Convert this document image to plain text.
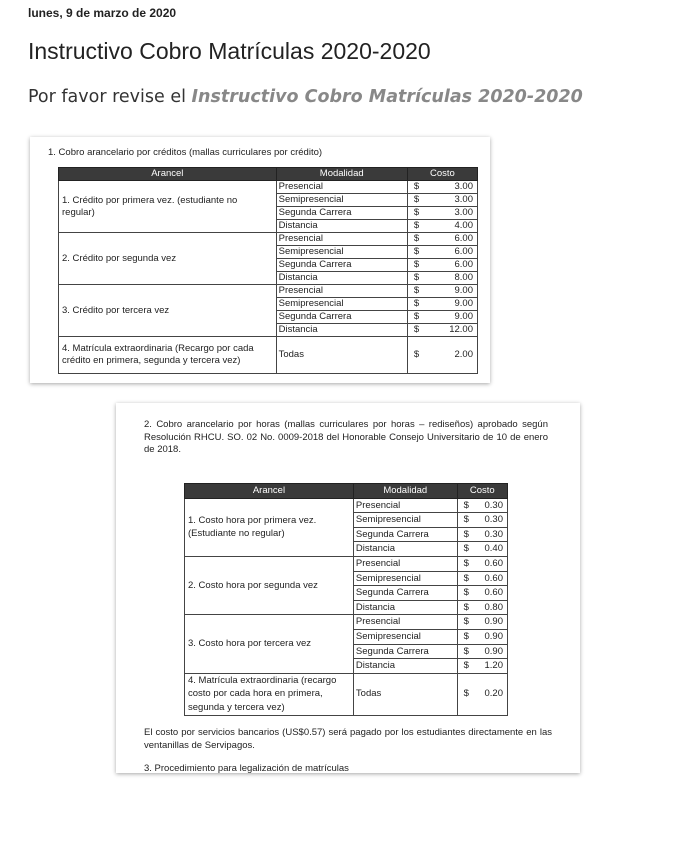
lunes, 9 de marzo de 2020
Instructivo Cobro Matrículas 2020-2020

Por favor revise el Instructivo Cobro Matrículas 2020-2020

1. Cobro arancelario por créditos (mallas curriculares por crédito)
Arancel	Modalidad	Costo
1. Crédito por primera vez. (estudiante no regular)	Presencial	$ 3.00

	Semipresencial	$ 3.00

	Segunda Carrera	$ 3.00

	Distancia	$ 4.00

2. Crédito por segunda vez	Presencial	$ 6.00

	Semipresencial	$ 6.00

	Segunda Carrera	$ 6.00

	Distancia	$ 8.00

3. Crédito por tercera vez	Presencial	$ 9.00

	Semipresencial	$ 9.00

	Segunda Carrera	$ 9.00

	Distancia	$ 12.00

4. Matrícula extraordinaria (Recargo por cada crédito en primera, segunda y tercera vez)	Todas	$ 2.00
2. Cobro arancelario por horas (mallas curriculares por horas – rediseños) aprobado según Resolución RHCU. SO. 02 No. 0009-2018 del Honorable Consejo Universitario de 10 de enero de 2018.
Arancel	Modalidad	Costo
1. Costo hora por primera vez. (Estudiante no regular)	Presencial	$ 0.30

	Semipresencial	$ 0.30

	Segunda Carrera	$ 0.30

	Distancia	$ 0.40

2. Costo hora por segunda vez	Presencial	$ 0.60

	Semipresencial	$ 0.60

	Segunda Carrera	$ 0.60

	Distancia	$ 0.80

3. Costo hora por tercera vez	Presencial	$ 0.90

	Semipresencial	$ 0.90

	Segunda Carrera	$ 0.90

	Distancia	$ 1.20

4. Matrícula extraordinaria (recargo costo por cada hora en primera, segunda y tercera vez)	Todas	$ 0.20
El costo por servicios bancarios (US$0.57) será pagado por los estudiantes directamente en las ventanillas de Servipagos.
3. Procedimiento para legalización de matrículas
